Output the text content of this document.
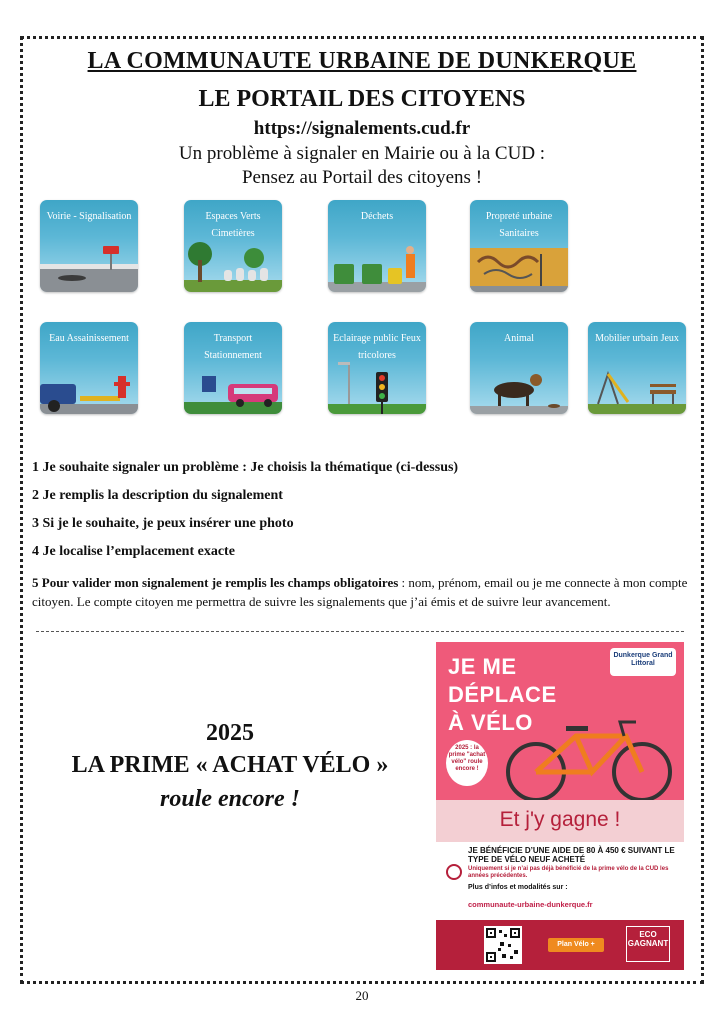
LA COMMUNAUTE URBAINE DE DUNKERQUE
LE PORTAIL DES CITOYENS
https://signalements.cud.fr
Un problème à signaler en Mairie ou à la CUD :
Pensez au Portail des citoyens !
Voirie - Signalisation	Espaces Verts Cimetières
Déchets	Propreté urbaine Sanitaires
Eau Assainissement	Transport Stationnement
Eclairage public Feux tricolores
Animal	Mobilier urbain Jeux
1 Je souhaite signaler un problème : Je choisis la thématique (ci-dessus)
2 Je remplis la description du signalement
3 Si je le souhaite, je peux insérer une photo
4 Je localise l’emplacement exacte
5 Pour valider mon signalement je remplis les champs obligatoires : nom, prénom, email ou je me connecte à mon compte citoyen. Le compte citoyen me permettra de suivre les signalements que j’ai émis et de suivre leur avancement.
2025
LA PRIME « ACHAT VÉLO »
roule encore !
Dunkerque Grand Littoral
JE ME
DÉPLACE
À VÉLO
2025 : la prime "achat vélo" roule encore !
Et j'y gagne !
JE BÉNÉFICIE D’UNE AIDE DE 80 À 450 € SUIVANT LE TYPE DE VÉLO NEUF ACHETÉ
Uniquement si je n’ai pas déjà bénéficié de la prime vélo de la CUD les années précédentes.
Plus d’infos et modalités sur :
communaute-urbaine-dunkerque.fr
Plan Vélo +
ECO GAGNANT
20
